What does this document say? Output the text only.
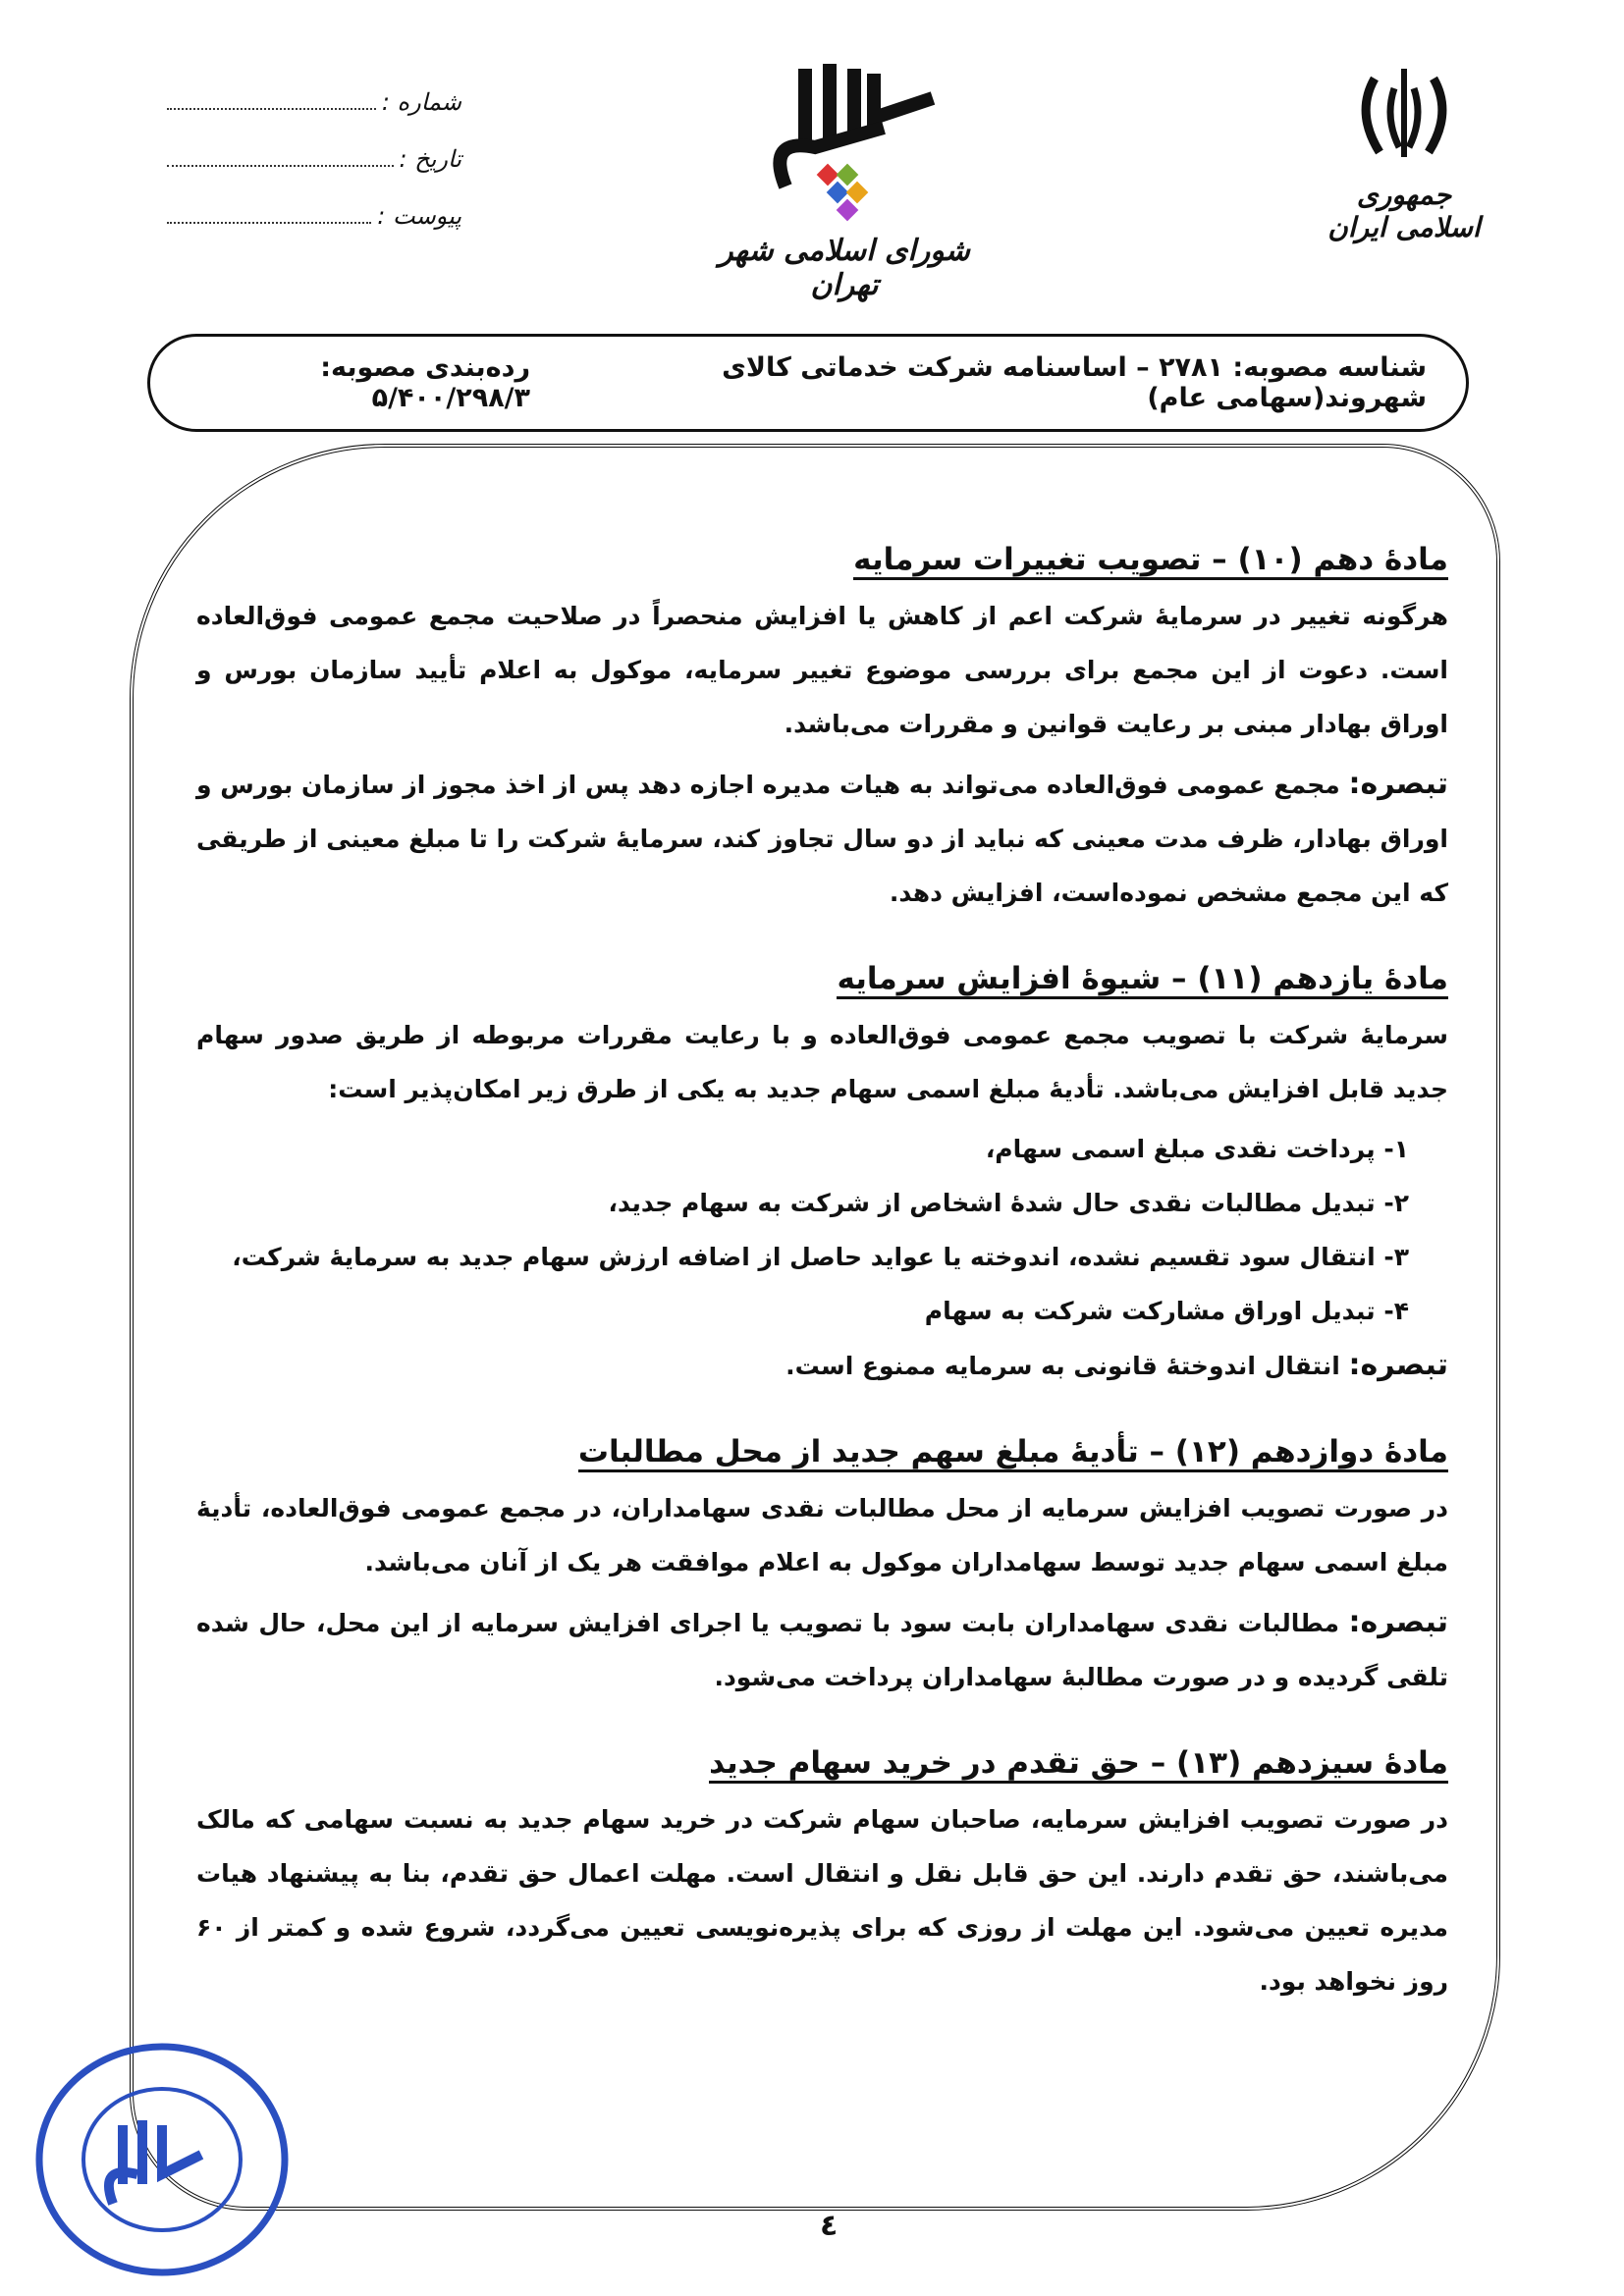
جمهوری اسلامی ایران
شورای اسلامی شهر تهران
شماره :
تاریخ :
پیوست :
شناسه مصوبه: ۲۷۸۱ – اساسنامه شرکت خدماتی کالای شهروند(سهامی عام)
رده‌بندی مصوبه: ۵/۴۰۰/۲۹۸/۳
مادهٔ دهم (۱۰) – تصویب تغییرات سرمایه

هرگونه تغییر در سرمایهٔ شرکت اعم از کاهش یا افزایش منحصراً در صلاحیت مجمع عمومی فوق‌العاده است. دعوت از این مجمع برای بررسی موضوع تغییر سرمایه، موکول به اعلام تأیید سازمان بورس و اوراق بهادار مبنی بر رعایت قوانین و مقررات می‌باشد.

تبصره: مجمع عمومی فوق‌العاده می‌تواند به هیات مدیره اجازه دهد پس از اخذ مجوز از سازمان بورس و اوراق بهادار، ظرف مدت معینی که نباید از دو سال تجاوز کند، سرمایهٔ شرکت را تا مبلغ معینی از طریقی که این مجمع مشخص نموده‌است، افزایش دهد.

مادهٔ یازدهم (۱۱) – شیوهٔ افزایش سرمایه

سرمایهٔ شرکت با تصویب مجمع عمومی فوق‌العاده و با رعایت مقررات مربوطه از طریق صدور سهام جدید قابل افزایش می‌باشد. تأدیهٔ مبلغ اسمی سهام جدید به یکی از طرق زیر امکان‌پذیر است:

۱- پرداخت نقدی مبلغ اسمی سهام،
۲- تبدیل مطالبات نقدی حال شدهٔ اشخاص از شرکت به سهام جدید،
۳- انتقال سود تقسیم نشده، اندوخته یا عواید حاصل از اضافه ارزش سهام جدید به سرمایهٔ شرکت،
۴- تبدیل اوراق مشارکت شرکت به سهام

تبصره: انتقال اندوختهٔ قانونی به سرمایه ممنوع است.

مادهٔ دوازدهم (۱۲) – تأدیهٔ مبلغ سهم جدید از محل مطالبات

در صورت تصویب افزایش سرمایه از محل مطالبات نقدی سهامداران، در مجمع عمومی فوق‌العاده، تأدیهٔ مبلغ اسمی سهام جدید توسط سهامداران موکول به اعلام موافقت هر یک از آنان می‌باشد.

تبصره: مطالبات نقدی سهامداران بابت سود با تصویب یا اجرای افزایش سرمایه از این محل، حال شده تلقی گردیده و در صورت مطالبهٔ سهامداران پرداخت می‌شود.

مادهٔ سیزدهم (۱۳) – حق تقدم در خرید سهام جدید

در صورت تصویب افزایش سرمایه، صاحبان سهام شرکت در خرید سهام جدید به نسبت سهامی که مالک می‌باشند، حق تقدم دارند. این حق قابل نقل و انتقال است. مهلت اعمال حق تقدم، بنا به پیشنهاد هیات مدیره تعیین می‌شود. این مهلت از روزی که برای پذیره‌نویسی تعیین می‌گردد، شروع شده و کمتر از ۶۰ روز نخواهد بود.

٤
